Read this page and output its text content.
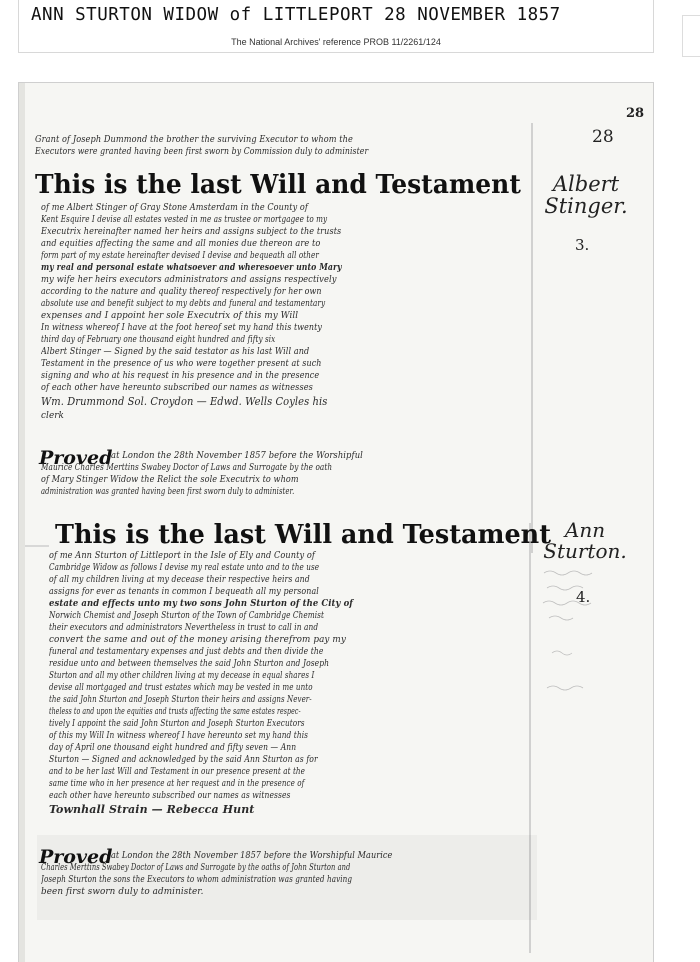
ANN STURTON WIDOW of LITTLEPORT 28 NOVEMBER 1857
The National Archives' reference PROB 11/2261/124
28
28
Albert Stinger.
3.
Grant of Joseph Dummond the brother the surviving Executor to whom the
Executors were granted having been first sworn by Commission duly to administer
This is the last Will and Testament
of me Albert Stinger of Gray Stone Amsterdam in the County of
Kent Esquire I devise all estates vested in me as trustee or mortgagee to my
Executrix hereinafter named her heirs and assigns subject to the trusts
and equities affecting the same and all monies due thereon are to
form part of my estate hereinafter devised I devise and bequeath all other
my real and personal estate whatsoever and wheresoever unto Mary
my wife her heirs executors administrators and assigns respectively
according to the nature and quality thereof respectively for her own
absolute use and benefit subject to my debts and funeral and testamentary
expenses and I appoint her sole Executrix of this my Will
In witness whereof I have at the foot hereof set my hand this twenty
third day of February one thousand eight hundred and fifty six
Albert Stinger — Signed by the said testator as his last Will and
Testament in the presence of us who were together present at such
signing and who at his request in his presence and in the presence
of each other have hereunto subscribed our names as witnesses
Wm. Drummond Sol. Croydon — Edwd. Wells Coyles his
clerk
Proved
at London the 28th November 1857 before the Worshipful
Maurice Charles Merttins Swabey Doctor of Laws and Surrogate by the oath
of Mary Stinger Widow the Relict the sole Executrix to whom
administration was granted having been first sworn duly to administer.
Ann
Sturton.
4.
This is the last Will and Testament
of me Ann Sturton of Littleport in the Isle of Ely and County of
Cambridge Widow as follows I devise my real estate unto and to the use
of all my children living at my decease their respective heirs and
assigns for ever as tenants in common I bequeath all my personal
estate and effects unto my two sons John Sturton of the City of
Norwich Chemist and Joseph Sturton of the Town of Cambridge Chemist
their executors and administrators Nevertheless in trust to call in and
convert the same and out of the money arising therefrom pay my
funeral and testamentary expenses and just debts and then divide the
residue unto and between themselves the said John Sturton and Joseph
Sturton and all my other children living at my decease in equal shares I
devise all mortgaged and trust estates which may be vested in me unto
the said John Sturton and Joseph Sturton their heirs and assigns Never-
theless to and upon the equities and trusts affecting the same estates respec-
tively I appoint the said John Sturton and Joseph Sturton Executors
of this my Will In witness whereof I have hereunto set my hand this
day of April one thousand eight hundred and fifty seven — Ann
Sturton — Signed and acknowledged by the said Ann Sturton as for
and to be her last Will and Testament in our presence present at the
same time who in her presence at her request and in the presence of
each other have hereunto subscribed our names as witnesses
Townhall Strain — Rebecca Hunt
Proved
at London the 28th November 1857 before the Worshipful Maurice
Charles Merttins Swabey Doctor of Laws and Surrogate by the oaths of John Sturton and
Joseph Sturton the sons the Executors to whom administration was granted having
been first sworn duly to administer.
